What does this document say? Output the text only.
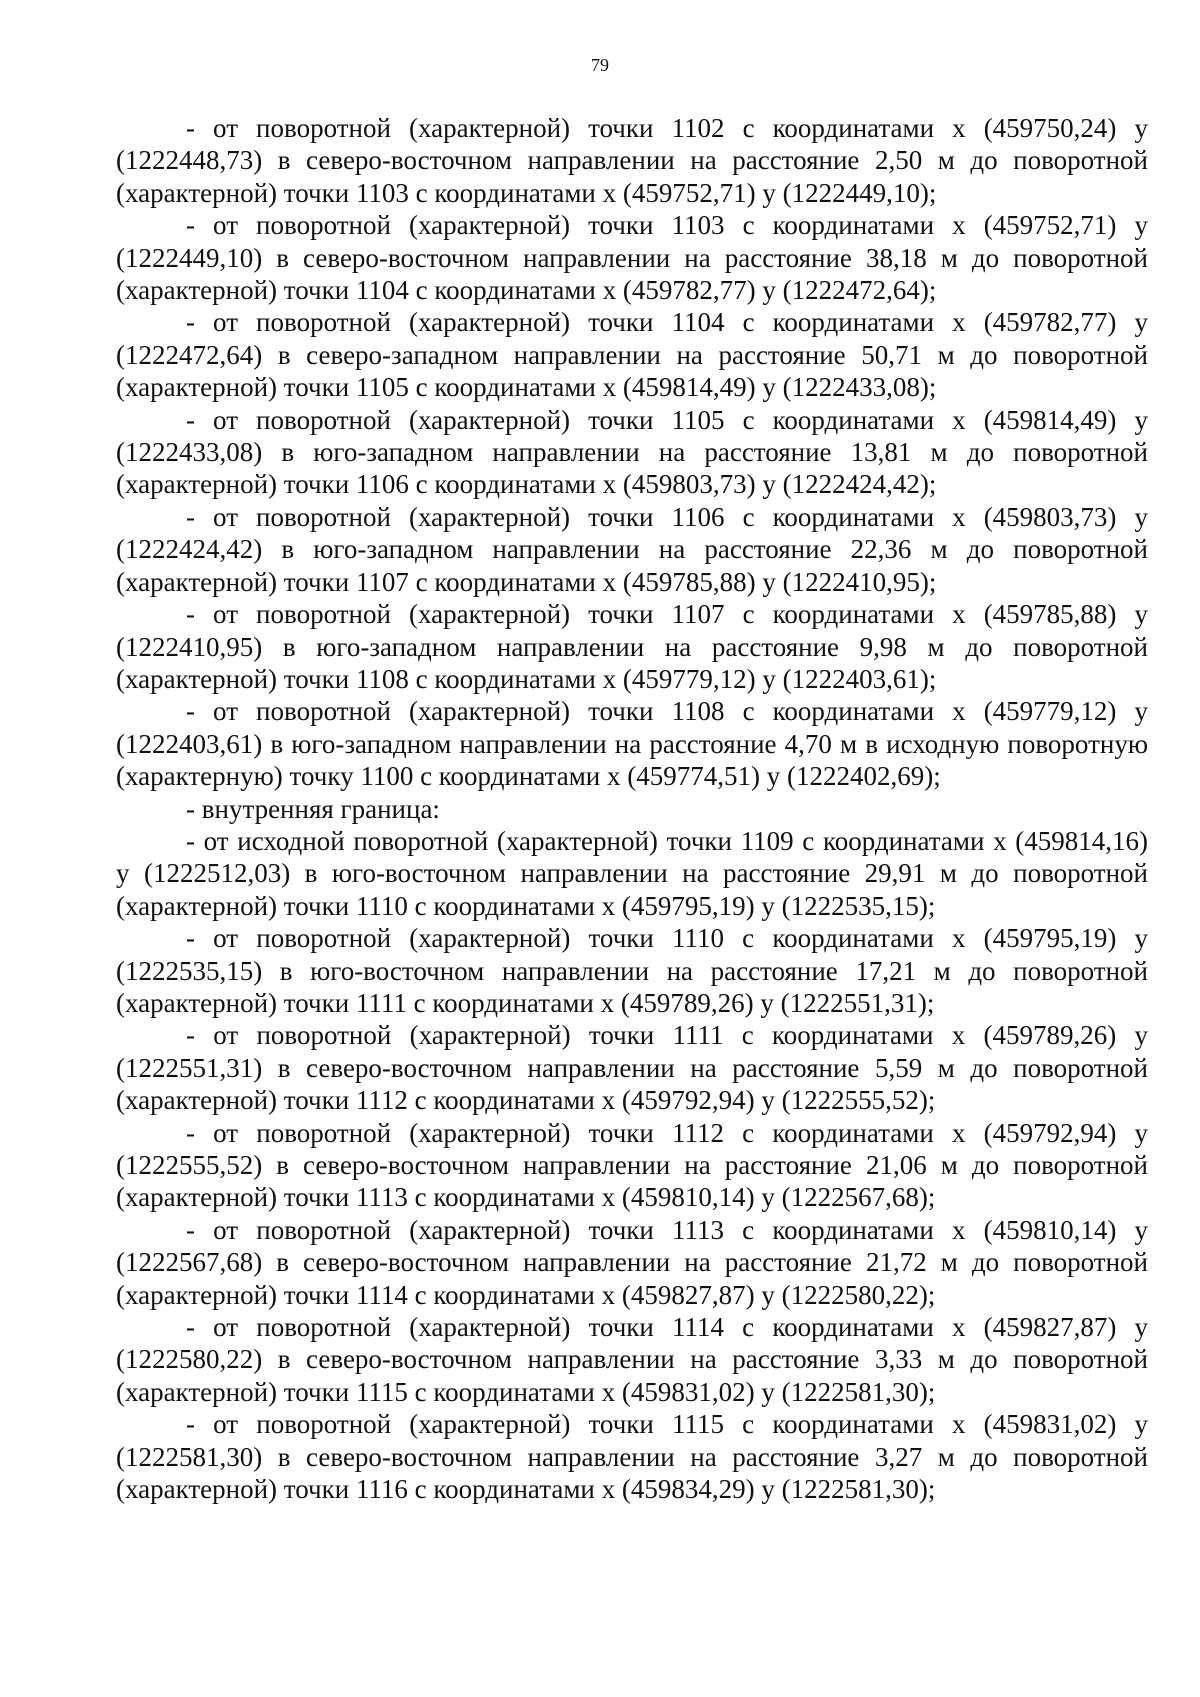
79

- от поворотной (характерной) точки 1102 с координатами х (459750,24) у (1222448,73) в северо-восточном направлении на расстояние 2,50 м до поворотной (характерной) точки 1103 с координатами х (459752,71) у (1222449,10);

- от поворотной (характерной) точки 1103 с координатами х (459752,71) у (1222449,10) в северо-восточном направлении на расстояние 38,18 м до поворотной (характерной) точки 1104 с координатами х (459782,77) у (1222472,64);

- от поворотной (характерной) точки 1104 с координатами х (459782,77) у (1222472,64) в северо-западном направлении на расстояние 50,71 м до поворотной (характерной) точки 1105 с координатами х (459814,49) у (1222433,08);

- от поворотной (характерной) точки 1105 с координатами х (459814,49) у (1222433,08) в юго-западном направлении на расстояние 13,81 м до поворотной (характерной) точки 1106 с координатами х (459803,73) у (1222424,42);

- от поворотной (характерной) точки 1106 с координатами х (459803,73) у (1222424,42) в юго-западном направлении на расстояние 22,36 м до поворотной (характерной) точки 1107 с координатами х (459785,88) у (1222410,95);

- от поворотной (характерной) точки 1107 с координатами х (459785,88) у (1222410,95) в юго-западном направлении на расстояние 9,98 м до поворотной (характерной) точки 1108 с координатами х (459779,12) у (1222403,61);

- от поворотной (характерной) точки 1108 с координатами х (459779,12) у (1222403,61) в юго-западном направлении на расстояние 4,70 м в исходную поворотную (характерную) точку 1100 с координатами х (459774,51) у (1222402,69);

- внутренняя граница:

- от исходной поворотной (характерной) точки 1109 с координатами х (459814,16) у (1222512,03) в юго-восточном направлении на расстояние 29,91 м до поворотной (характерной) точки 1110 с координатами х (459795,19) у (1222535,15);

- от поворотной (характерной) точки 1110 с координатами х (459795,19) у (1222535,15) в юго-восточном направлении на расстояние 17,21 м до поворотной (характерной) точки 1111 с координатами х (459789,26) у (1222551,31);

- от поворотной (характерной) точки 1111 с координатами х (459789,26) у (1222551,31) в северо-восточном направлении на расстояние 5,59 м до поворотной (характерной) точки 1112 с координатами х (459792,94) у (1222555,52);

- от поворотной (характерной) точки 1112 с координатами х (459792,94) у (1222555,52) в северо-восточном направлении на расстояние 21,06 м до поворотной (характерной) точки 1113 с координатами х (459810,14) у (1222567,68);

- от поворотной (характерной) точки 1113 с координатами х (459810,14) у (1222567,68) в северо-восточном направлении на расстояние 21,72 м до поворотной (характерной) точки 1114 с координатами х (459827,87) у (1222580,22);

- от поворотной (характерной) точки 1114 с координатами х (459827,87) у (1222580,22) в северо-восточном направлении на расстояние 3,33 м до поворотной (характерной) точки 1115 с координатами х (459831,02) у (1222581,30);

- от поворотной (характерной) точки 1115 с координатами х (459831,02) у (1222581,30) в северо-восточном направлении на расстояние 3,27 м до поворотной (характерной) точки 1116 с координатами х (459834,29) у (1222581,30);
